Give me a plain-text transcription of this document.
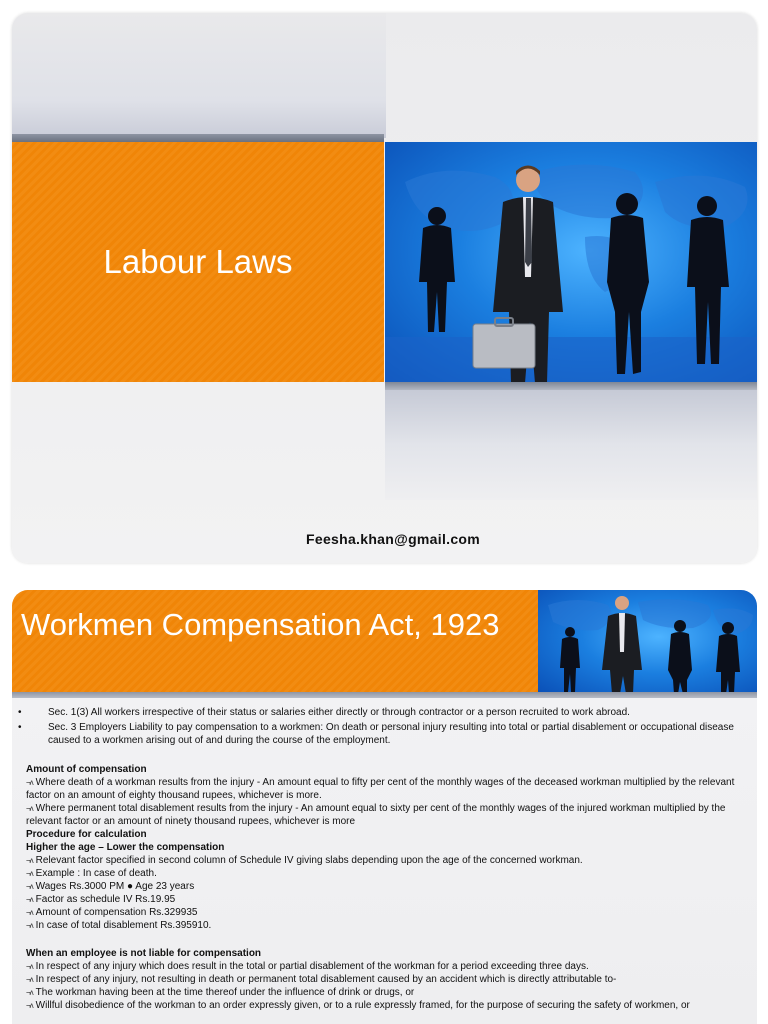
Labour Laws
Feesha.khan@gmail.com
Workmen Compensation Act, 1923
•	Sec. 1(3) All workers irrespective of their status or salaries either directly or through contractor or a person recruited to work abroad.
•	Sec. 3 Employers Liability to pay compensation to a workmen: On death or personal injury resulting into total or partial disablement or occupational disease caused to a workmen arising out of and during the course of the employment.
Amount of compensation
¬ʌ Where death of a workman results from the injury - An amount equal to fifty per cent of the monthly wages of the deceased workman multiplied by the relevant factor on an amount of eighty thousand rupees, whichever is more.
¬ʌ Where permanent total disablement results from the injury - An amount equal to sixty per cent of the monthly wages of the injured workman multiplied by the relevant factor or an amount of ninety thousand rupees, whichever is more
Procedure for calculation
Higher the age – Lower the compensation
¬ʌ Relevant factor specified in second column of Schedule IV giving slabs depending upon the age of the concerned workman.
¬ʌ Example : In case of death.
¬ʌ Wages Rs.3000 PM ● Age 23 years
¬ʌ Factor as schedule IV Rs.19.95
¬ʌ Amount of compensation Rs.329935
¬ʌ In case of total disablement Rs.395910.
When an employee is not liable for compensation
¬ʌ In respect of any injury which does result in the total or partial disablement of the workman for a period exceeding three days.
¬ʌ In respect of any injury, not resulting in death or permanent total disablement caused by an accident which is directly attributable to-
¬ʌ The workman having been at the time thereof under the influence of drink or drugs, or
¬ʌ Willful disobedience of the workman to an order expressly given, or to a rule expressly framed, for the purpose of securing the safety of workmen, or
